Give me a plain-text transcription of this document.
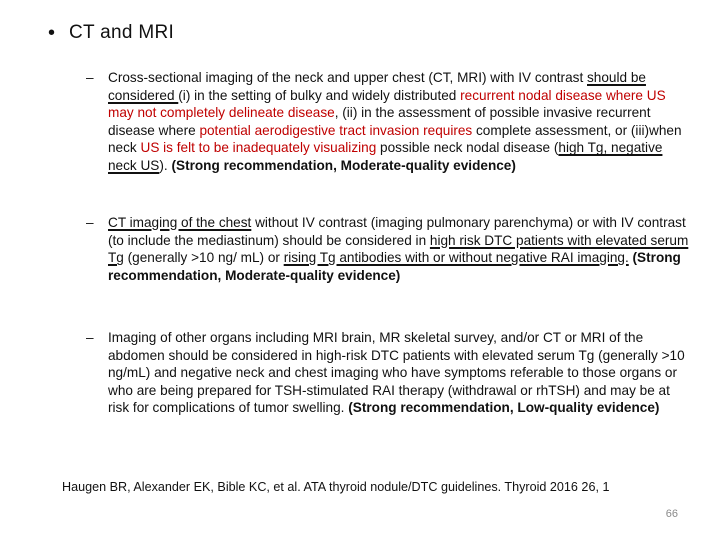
• CT and MRI
– Cross-sectional imaging of the neck and upper chest (CT, MRI) with IV contrast should be considered (i) in the setting of bulky and widely distributed recurrent nodal disease where US may not completely delineate disease, (ii) in the assessment of possible invasive recurrent disease where potential aerodigestive tract invasion requires complete assessment, or (iii)when neck US is felt to be inadequately visualizing possible neck nodal disease (high Tg, negative neck US). (Strong recommendation, Moderate-quality evidence)
– CT imaging of the chest without IV contrast (imaging pulmonary parenchyma) or with IV contrast (to include the mediastinum) should be considered in high risk DTC patients with elevated serum Tg (generally >10 ng/ mL) or rising Tg antibodies with or without negative RAI imaging. (Strong recommendation, Moderate-quality evidence)
– Imaging of other organs including MRI brain, MR skeletal survey, and/or CT or MRI of the abdomen should be considered in high-risk DTC patients with elevated serum Tg (generally >10 ng/mL) and negative neck and chest imaging who have symptoms referable to those organs or who are being prepared for TSH-stimulated RAI therapy (withdrawal or rhTSH) and may be at risk for complications of tumor swelling. (Strong recommendation, Low-quality evidence)
Haugen BR, Alexander EK, Bible KC, et al. ATA thyroid nodule/DTC guidelines. Thyroid 2016 26, 1
66
